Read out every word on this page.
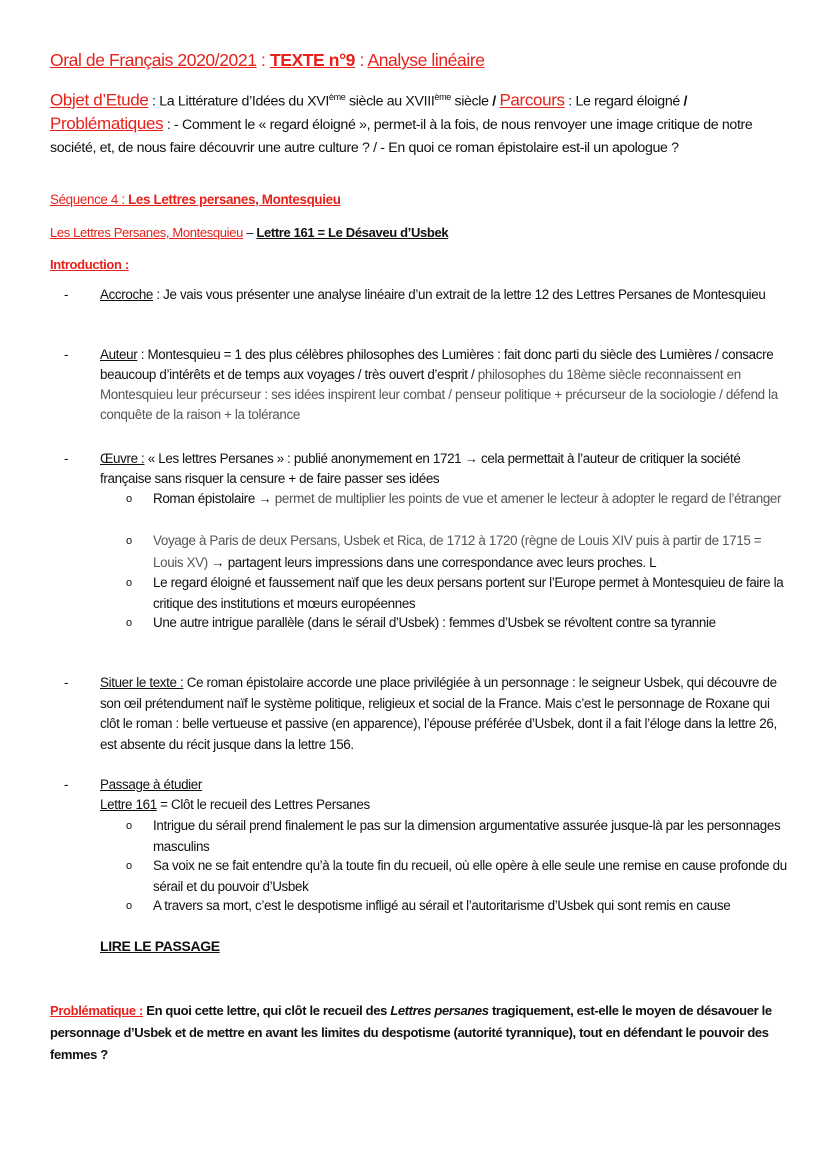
Oral de Français 2020/2021 : TEXTE n°9 : Analyse linéaire
Objet d’Etude : La Littérature d’Idées du XVIème siècle au XVIIIème siècle / Parcours : Le regard éloigné /
Problématiques : - Comment le « regard éloigné », permet-il à la fois, de nous renvoyer une image critique de notre société, et, de nous faire découvrir une autre culture ? / - En quoi ce roman épistolaire est-il un apologue ?
Séquence 4 : Les Lettres persanes, Montesquieu
Les Lettres Persanes, Montesquieu – Lettre 161 = Le Désaveu d’Usbek
Introduction :
- Accroche : Je vais vous présenter une analyse linéaire d’un extrait de la lettre 12 des Lettres Persanes de Montesquieu
- Auteur : Montesquieu = 1 des plus célèbres philosophes des Lumières : fait donc parti du siècle des Lumières / consacre beaucoup d’intérêts et de temps aux voyages / très ouvert d’esprit / philosophes du 18ème siècle reconnaissent en Montesquieu leur précurseur : ses idées inspirent leur combat / penseur politique + précurseur de la sociologie / défend la conquête de la raison + la tolérance
- Œuvre : « Les lettres Persanes » : publié anonymement en 1721 → cela permettait à l’auteur de critiquer la société française sans risquer la censure + de faire passer ses idées
o Roman épistolaire → permet de multiplier les points de vue et amener le lecteur à adopter le regard de l’étranger
o Voyage à Paris de deux Persans, Usbek et Rica, de 1712 à 1720 (règne de Louis XIV puis à partir de 1715 = Louis XV) → partagent leurs impressions dans une correspondance avec leurs proches. L
o Le regard éloigné et faussement naïf que les deux persans portent sur l’Europe permet à Montesquieu de faire la critique des institutions et mœurs européennes
o Une autre intrigue parallèle (dans le sérail d’Usbek) : femmes d’Usbek se révoltent contre sa tyrannie
- Situer le texte : Ce roman épistolaire accorde une place privilégiée à un personnage : le seigneur Usbek, qui découvre de son œil prétendument naïf le système politique, religieux et social de la France. Mais c’est le personnage de Roxane qui clôt le roman : belle vertueuse et passive (en apparence), l’épouse préférée d’Usbek, dont il a fait l’éloge dans la lettre 26, est absente du récit jusque dans la lettre 156.
- Passage à étudier
Lettre 161 = Clôt le recueil des Lettres Persanes
o Intrigue du sérail prend finalement le pas sur la dimension argumentative assurée jusque-là par les personnages masculins
o Sa voix ne se fait entendre qu’à la toute fin du recueil, où elle opère à elle seule une remise en cause profonde du sérail et du pouvoir d’Usbek
o A travers sa mort, c’est le despotisme infligé au sérail et l’autoritarisme d’Usbek qui sont remis en cause
LIRE LE PASSAGE
Problématique : En quoi cette lettre, qui clôt le recueil des Lettres persanes tragiquement, est-elle le moyen de désavouer le personnage d’Usbek et de mettre en avant les limites du despotisme (autorité tyrannique), tout en défendant le pouvoir des femmes ?
